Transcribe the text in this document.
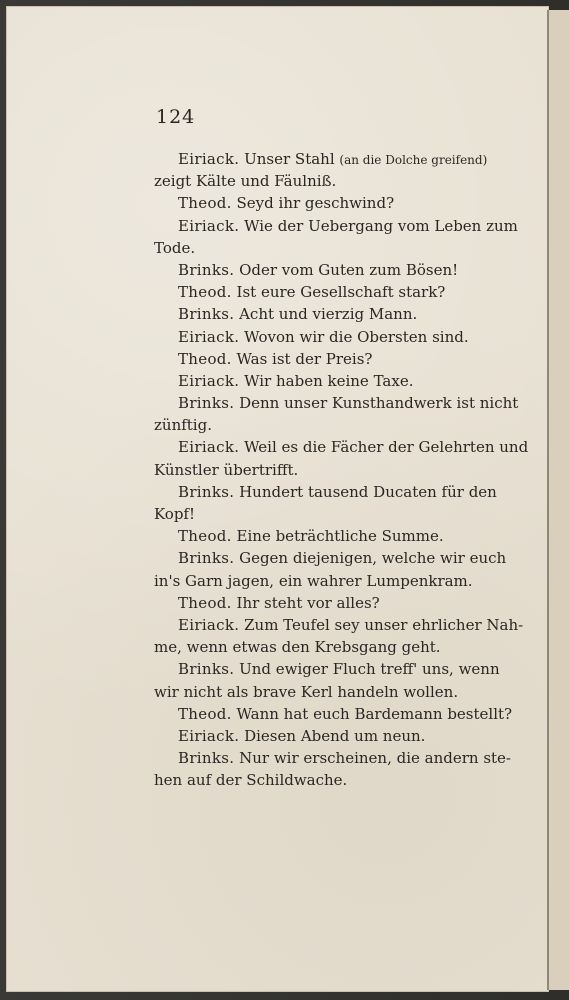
124
Eiriack. Unser Stahl (an die Dolche greifend)
zeigt Kälte und Fäulniß.
Theod. Seyd ihr geschwind?
Eiriack. Wie der Uebergang vom Leben zum
Tode.
Brinks. Oder vom Guten zum Bösen!
Theod. Ist eure Gesellschaft stark?
Brinks. Acht und vierzig Mann.
Eiriack. Wovon wir die Obersten sind.
Theod. Was ist der Preis?
Eiriack. Wir haben keine Taxe.
Brinks. Denn unser Kunsthandwerk ist nicht
zünftig.
Eiriack. Weil es die Fächer der Gelehrten und
Künstler übertrifft.
Brinks. Hundert tausend Ducaten für den
Kopf!
Theod. Eine beträchtliche Summe.
Brinks. Gegen diejenigen, welche wir euch
in's Garn jagen, ein wahrer Lumpenkram.
Theod. Ihr steht vor alles?
Eiriack. Zum Teufel sey unser ehrlicher Nah-
me, wenn etwas den Krebsgang geht.
Brinks. Und ewiger Fluch treff' uns, wenn
wir nicht als brave Kerl handeln wollen.
Theod. Wann hat euch Bardemann bestellt?
Eiriack. Diesen Abend um neun.
Brinks. Nur wir erscheinen, die andern ste-
hen auf der Schildwache.
